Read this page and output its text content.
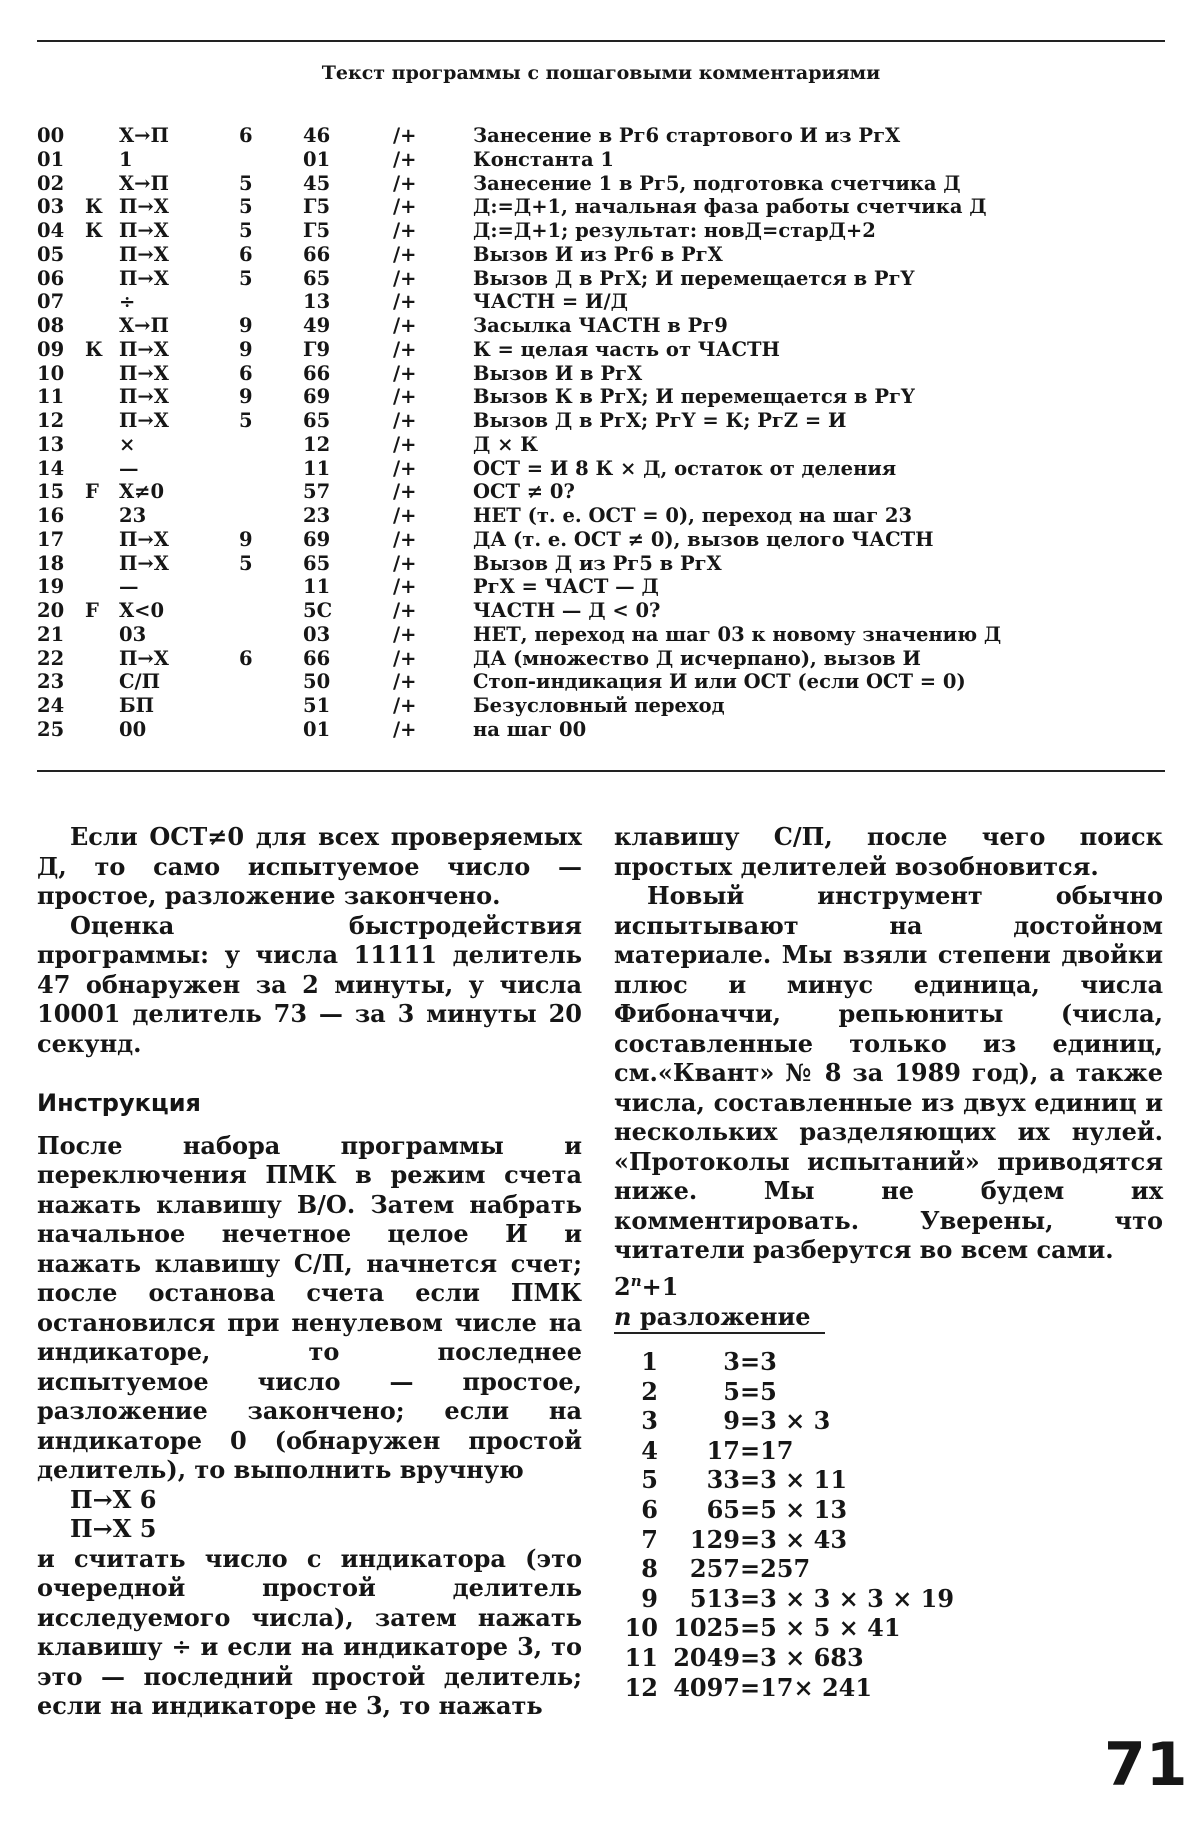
Текст программы с пошаговыми комментариями
00		Х→П	6	46	/+	Занесение в Рг6 стартового И из РгХ
01		1		01	/+	Константа 1
02		Х→П	5	45	/+	Занесение 1 в Рг5, подготовка счетчика Д
03	К	П→Х	5	Г5	/+	Д:=Д+1, начальная фаза работы счетчика Д
04	К	П→Х	5	Г5	/+	Д:=Д+1; результат: новД=старД+2
05		П→Х	6	66	/+	Вызов И из Рг6 в РгХ
06		П→Х	5	65	/+	Вызов Д в РгХ; И перемещается в РгY
07		÷		13	/+	ЧАСТН = И/Д
08		Х→П	9	49	/+	Засылка ЧАСТН в Рг9
09	К	П→Х	9	Г9	/+	К = целая часть от ЧАСТН
10		П→Х	6	66	/+	Вызов И в РгХ
11		П→Х	9	69	/+	Вызов К в РгХ; И перемещается в РгY
12		П→Х	5	65	/+	Вызов Д в РгХ; РгY = К; РгZ = И
13		×		12	/+	Д × К
14		—		11	/+	ОСТ = И 8 К × Д, остаток от деления
15	F	Х≠0		57	/+	ОСТ ≠ 0?
16		23		23	/+	НЕТ (т. е. ОСТ = 0), переход на шаг 23
17		П→Х	9	69	/+	ДА (т. е. ОСТ ≠ 0), вызов целого ЧАСТН
18		П→Х	5	65	/+	Вызов Д из Рг5 в РгХ
19		—		11	/+	РгХ = ЧАСТ — Д
20	F	Х<0		5С	/+	ЧАСТН — Д < 0?
21		03		03	/+	НЕТ, переход на шаг 03 к новому значению Д
22		П→Х	6	66	/+	ДА (множество Д исчерпано), вызов И
23		С/П		50	/+	Стоп-индикация И или ОСТ (если ОСТ = 0)
24		БП		51	/+	Безусловный переход
25		00		01	/+	на шаг 00

Если ОСТ≠0 для всех проверяемых Д, то само испытуемое число — простое, разложение закончено.

Оценка быстродействия программы: у числа 11111 делитель 47 обнаружен за 2 минуты, у числа 10001 делитель 73 — за 3 минуты 20 секунд.

Инструкция

После набора программы и переключения ПМК в режим счета нажать клавишу В/О. Затем набрать начальное нечетное целое И и нажать клавишу С/П, начнется счет; после останова счета если ПМК остановился при ненулевом числе на индикаторе, то последнее испытуемое число — простое, разложение закончено; если на индикаторе 0 (обнаружен простой делитель), то выполнить вручную

П→Х 6

П→Х 5

и считать число с индикатора (это очередной простой делитель исследуемого числа), затем нажать клавишу ÷ и если на индикаторе 3, то это — последний простой делитель; если на индикаторе не 3, то нажать

клавишу С/П, после чего поиск простых делителей возобновится.

Новый инструмент обычно испытывают на достойном материале. Мы взяли степени двойки плюс и минус единица, числа Фибоначчи, репьюниты (числа, составленные только из единиц, см.«Квант» № 8 за 1989 год), а также числа, составленные из двух единиц и нескольких разделяющих их нулей. «Протоколы испытаний» приводятся ниже. Мы не будем их комментировать. Уверены, что читатели разберутся во всем сами.

$2^n+1$
n разложение
1	3	=	3
2	5	=	5
3	9	=	3 × 3
4	17	=	17
5	33	=	3 × 11
6	65	=	5 × 13
7	129	=	3 × 43
8	257	=	257
9	513	=	3 × 3 × 3 × 19
10	1025	=	5 × 5 × 41
11	2049	=	3 × 683
12	4097	=	17× 241
71
